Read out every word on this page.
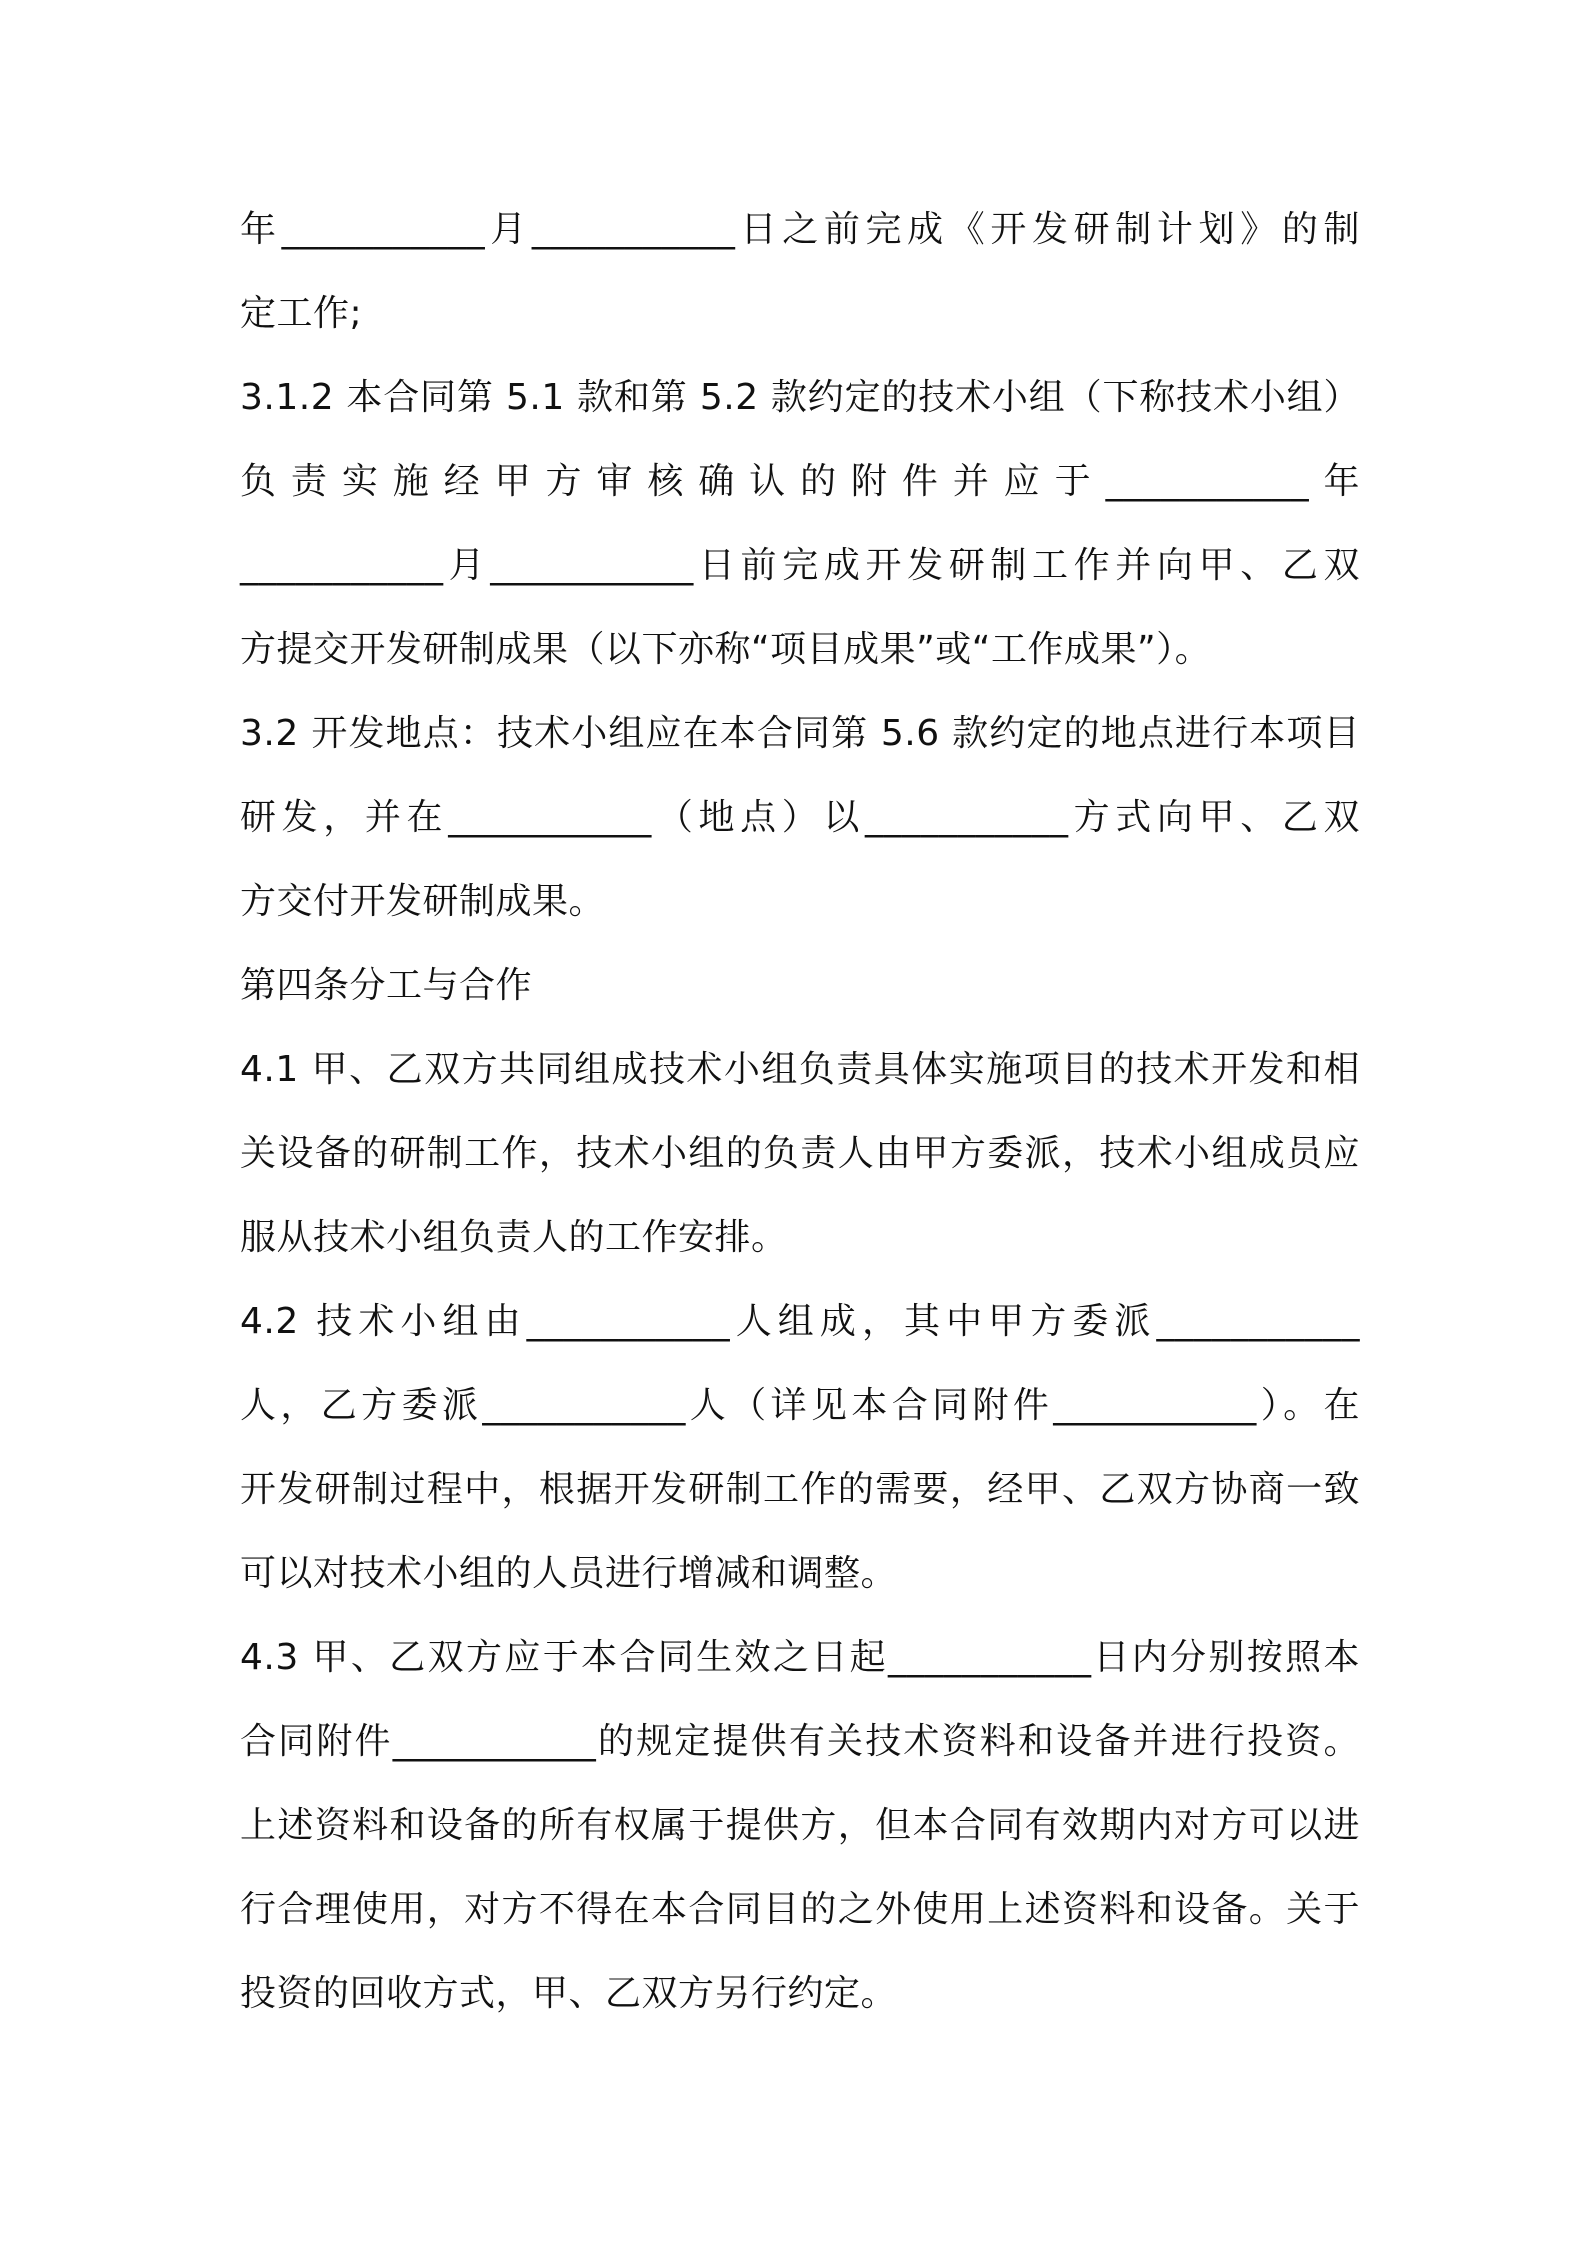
年___________月___________日之前完成《开发研制计划》的制
定工作;
3.1.2 本合同第 5.1 款和第 5.2 款约定的技术小组（下称技术小组）
负责实施经甲方审核确认的附件并应于___________年
___________月___________日前完成开发研制工作并向甲、乙双
方提交开发研制成果（以下亦称“项目成果”或“工作成果”）。
3.2 开发地点：技术小组应在本合同第 5.6 款约定的地点进行本项目
研发，并在___________（地点）以___________方式向甲、乙双
方交付开发研制成果。
第四条分工与合作
4.1 甲、乙双方共同组成技术小组负责具体实施项目的技术开发和相
关设备的研制工作，技术小组的负责人由甲方委派，技术小组成员应
服从技术小组负责人的工作安排。
4.2 技术小组由___________人组成，其中甲方委派___________
人，乙方委派___________人（详见本合同附件___________）。在
开发研制过程中，根据开发研制工作的需要，经甲、乙双方协商一致
可以对技术小组的人员进行增减和调整。
4.3 甲、乙双方应于本合同生效之日起___________日内分别按照本
合同附件___________的规定提供有关技术资料和设备并进行投资。
上述资料和设备的所有权属于提供方，但本合同有效期内对方可以进
行合理使用，对方不得在本合同目的之外使用上述资料和设备。关于
投资的回收方式，甲、乙双方另行约定。
